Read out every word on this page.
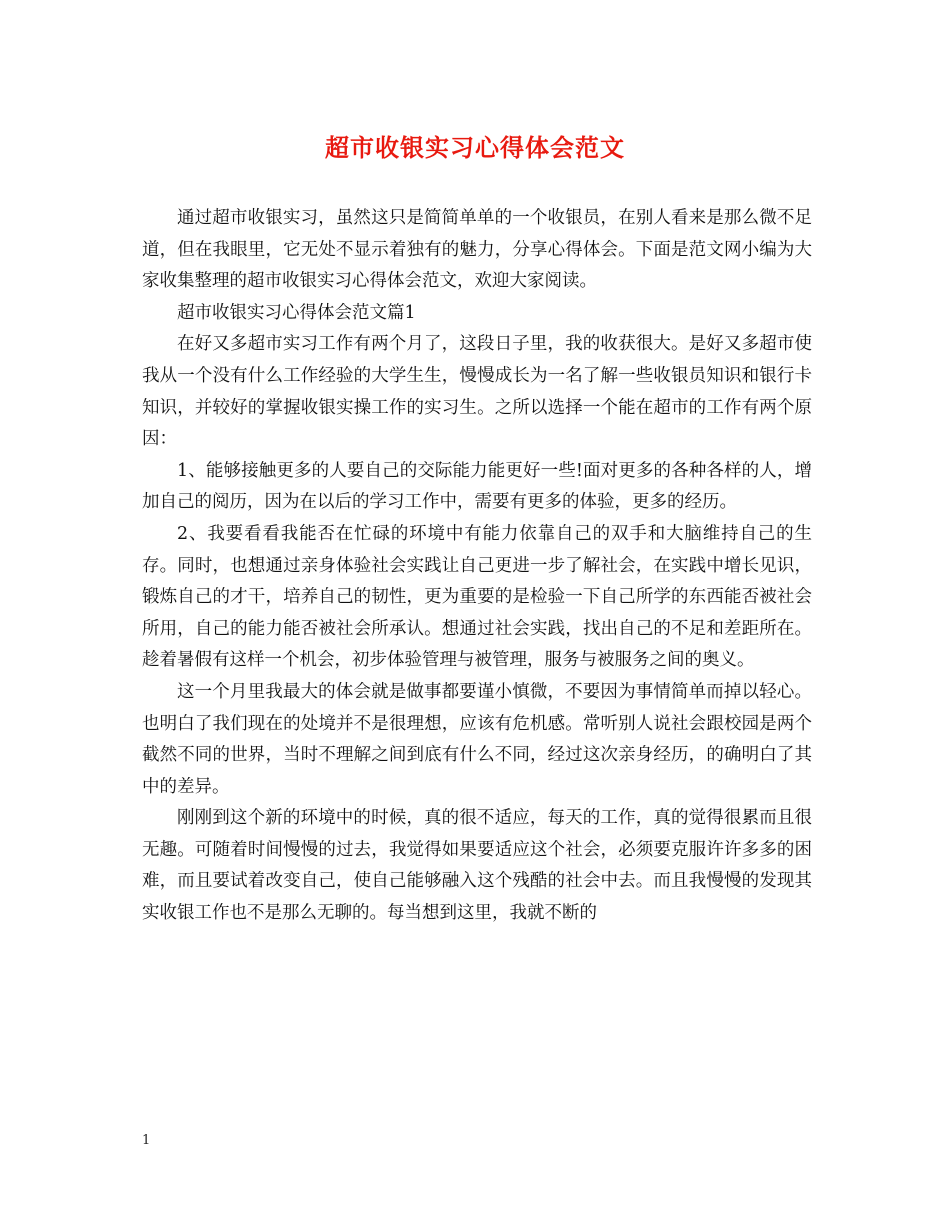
超市收银实习心得体会范文

通过超市收银实习，虽然这只是简简单单的一个收银员，在别人看来是那么微不足道，但在我眼里，它无处不显示着独有的魅力，分享心得体会。下面是范文网小编为大家收集整理的超市收银实习心得体会范文，欢迎大家阅读。

超市收银实习心得体会范文篇1

在好又多超市实习工作有两个月了，这段日子里，我的收获很大。是好又多超市使我从一个没有什么工作经验的大学生生，慢慢成长为一名了解一些收银员知识和银行卡知识，并较好的掌握收银实操工作的实习生。之所以选择一个能在超市的工作有两个原因：

1、能够接触更多的人要自己的交际能力能更好一些!面对更多的各种各样的人，增加自己的阅历，因为在以后的学习工作中，需要有更多的体验，更多的经历。

2、我要看看我能否在忙碌的环境中有能力依靠自己的双手和大脑维持自己的生存。同时，也想通过亲身体验社会实践让自己更进一步了解社会，在实践中增长见识，锻炼自己的才干，培养自己的韧性，更为重要的是检验一下自己所学的东西能否被社会所用，自己的能力能否被社会所承认。想通过社会实践，找出自己的不足和差距所在。趁着暑假有这样一个机会，初步体验管理与被管理，服务与被服务之间的奥义。

这一个月里我最大的体会就是做事都要谨小慎微，不要因为事情简单而掉以轻心。也明白了我们现在的处境并不是很理想，应该有危机感。常听别人说社会跟校园是两个截然不同的世界，当时不理解之间到底有什么不同，经过这次亲身经历，的确明白了其中的差异。

刚刚到这个新的环境中的时候，真的很不适应，每天的工作，真的觉得很累而且很无趣。可随着时间慢慢的过去，我觉得如果要适应这个社会，必须要克服许许多多的困难，而且要试着改变自己，使自己能够融入这个残酷的社会中去。而且我慢慢的发现其实收银工作也不是那么无聊的。每当想到这里，我就不断的

1
